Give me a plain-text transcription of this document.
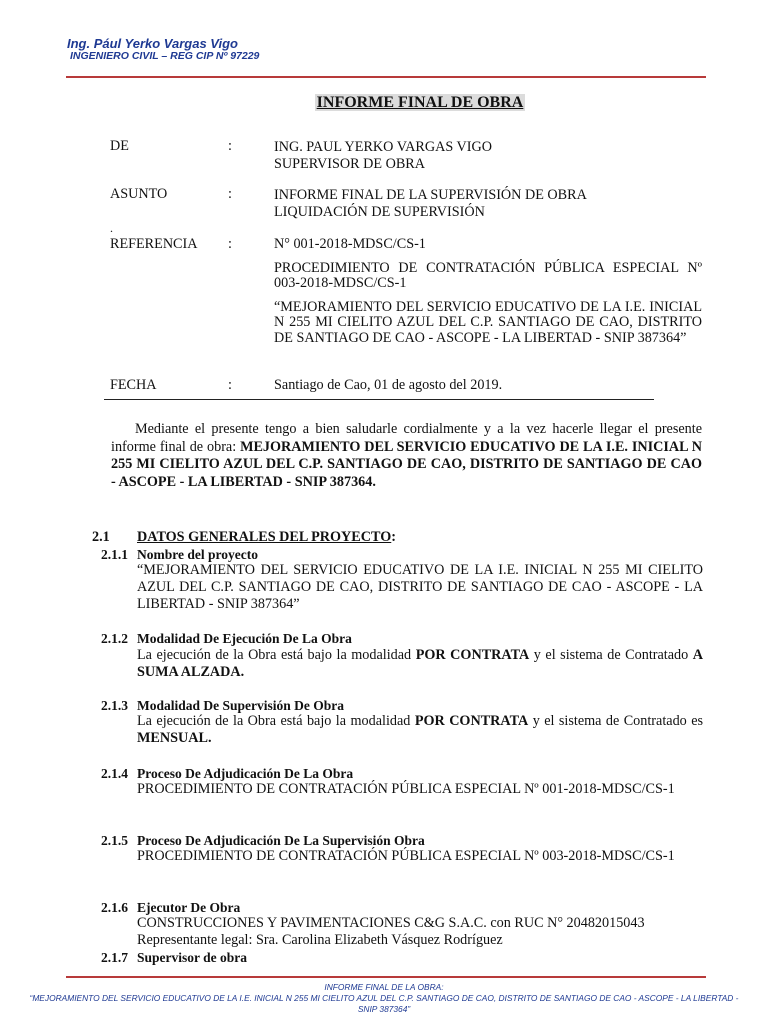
Ing. Pául Yerko Vargas Vigo
INGENIERO CIVIL – REG CIP Nº 97229
INFORME FINAL DE OBRA
DE	:	ING. PAUL YERKO VARGAS VIGO
SUPERVISOR DE OBRA
ASUNTO	:	INFORME FINAL DE LA SUPERVISIÓN DE OBRA
LIQUIDACIÓN DE SUPERVISIÓN
.
REFERENCIA :	N° 001-2018-MDSC/CS-1
PROCEDIMIENTO DE CONTRATACIÓN PÚBLICA ESPECIAL Nº 003-2018-MDSC/CS-1
“MEJORAMIENTO DEL SERVICIO EDUCATIVO DE LA I.E. INICIAL N 255 MI CIELITO AZUL DEL C.P. SANTIAGO DE CAO, DISTRITO DE SANTIAGO DE CAO - ASCOPE - LA LIBERTAD - SNIP 387364”
FECHA	:	Santiago de Cao, 01 de agosto del 2019.
Mediante el presente tengo a bien saludarle cordialmente y a la vez hacerle llegar el presente informe final de obra: MEJORAMIENTO DEL SERVICIO EDUCATIVO DE LA I.E. INICIAL N 255 MI CIELITO AZUL DEL C.P. SANTIAGO DE CAO, DISTRITO DE SANTIAGO DE CAO - ASCOPE - LA LIBERTAD - SNIP 387364.
2.1 DATOS GENERALES DEL PROYECTO:
2.1.1 Nombre del proyecto
“MEJORAMIENTO DEL SERVICIO EDUCATIVO DE LA I.E. INICIAL N 255 MI CIELITO AZUL DEL C.P. SANTIAGO DE CAO, DISTRITO DE SANTIAGO DE CAO - ASCOPE - LA LIBERTAD - SNIP 387364”
2.1.2 Modalidad De Ejecución De La Obra
La ejecución de la Obra está bajo la modalidad POR CONTRATA y el sistema de Contratado A SUMA ALZADA.
2.1.3 Modalidad De Supervisión De Obra
La ejecución de la Obra está bajo la modalidad POR CONTRATA y el sistema de Contratado es MENSUAL.
2.1.4 Proceso De Adjudicación De La Obra
PROCEDIMIENTO DE CONTRATACIÓN PÚBLICA ESPECIAL Nº 001-2018-MDSC/CS-1
2.1.5 Proceso De Adjudicación De La Supervisión Obra
PROCEDIMIENTO DE CONTRATACIÓN PÚBLICA ESPECIAL Nº 003-2018-MDSC/CS-1
2.1.6 Ejecutor De Obra
CONSTRUCCIONES Y PAVIMENTACIONES C&G S.A.C. con RUC N° 20482015043
Representante legal: Sra. Carolina Elizabeth Vásquez Rodríguez
2.1.7 Supervisor de obra
INFORME FINAL DE LA OBRA:
“MEJORAMIENTO DEL SERVICIO EDUCATIVO DE LA I.E. INICIAL N 255 MI CIELITO AZUL DEL C.P. SANTIAGO DE CAO, DISTRITO DE SANTIAGO DE CAO - ASCOPE - LA LIBERTAD - SNIP 387364”
